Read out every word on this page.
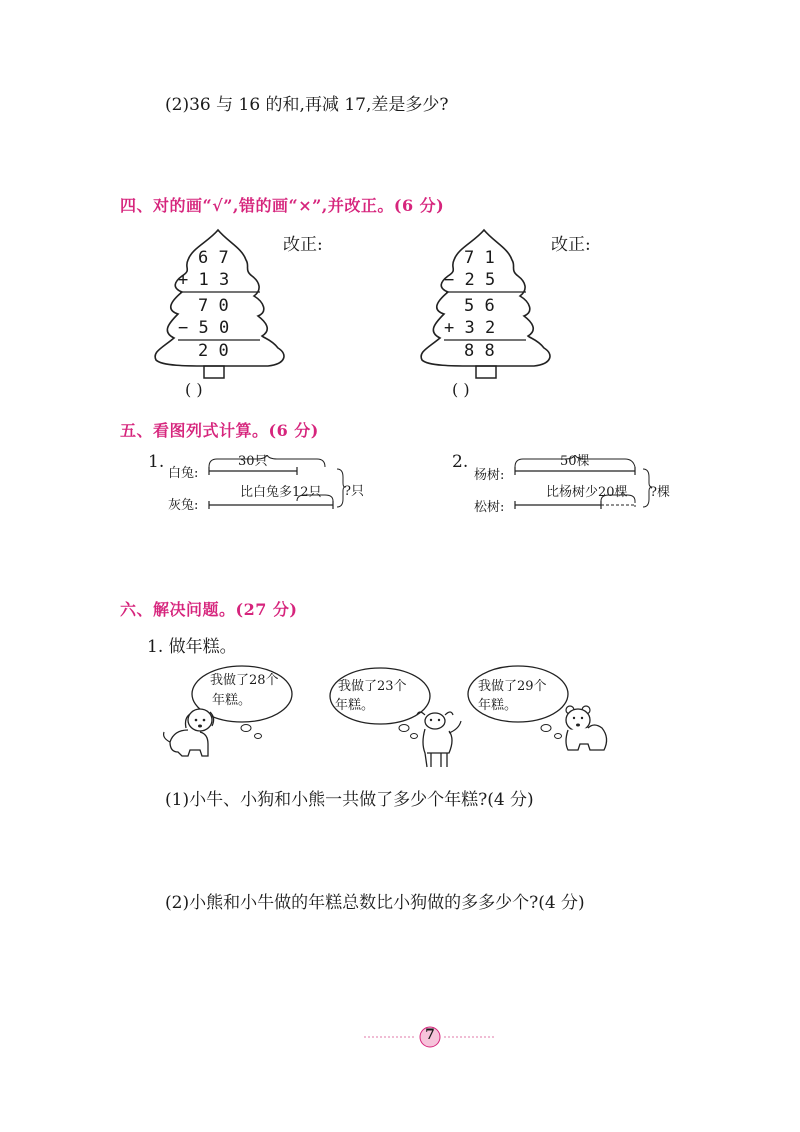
(2)36 与 16 的和,再减 17,差是多少?
四、对的画“√”,错的画“×”,并改正。(6 分)
6 7
+ 1 3
7 0
− 5 0
2 0
( )
改正:
7 1
− 2 5
5 6
+ 3 2
8 8
( )
改正:
五、看图列式计算。(6 分)
1.
白兔:
灰兔:
30只
比白兔多12只 ?只
2.
杨树:
松树:
50棵
比杨树少20棵 ?棵
六、解决问题。(27 分)
1. 做年糕。
我做了28个
年糕。
我做了23个
年糕。
我做了29个
年糕。
(1)小牛、小狗和小熊一共做了多少个年糕?(4 分)
(2)小熊和小牛做的年糕总数比小狗做的多多少个?(4 分)
7
